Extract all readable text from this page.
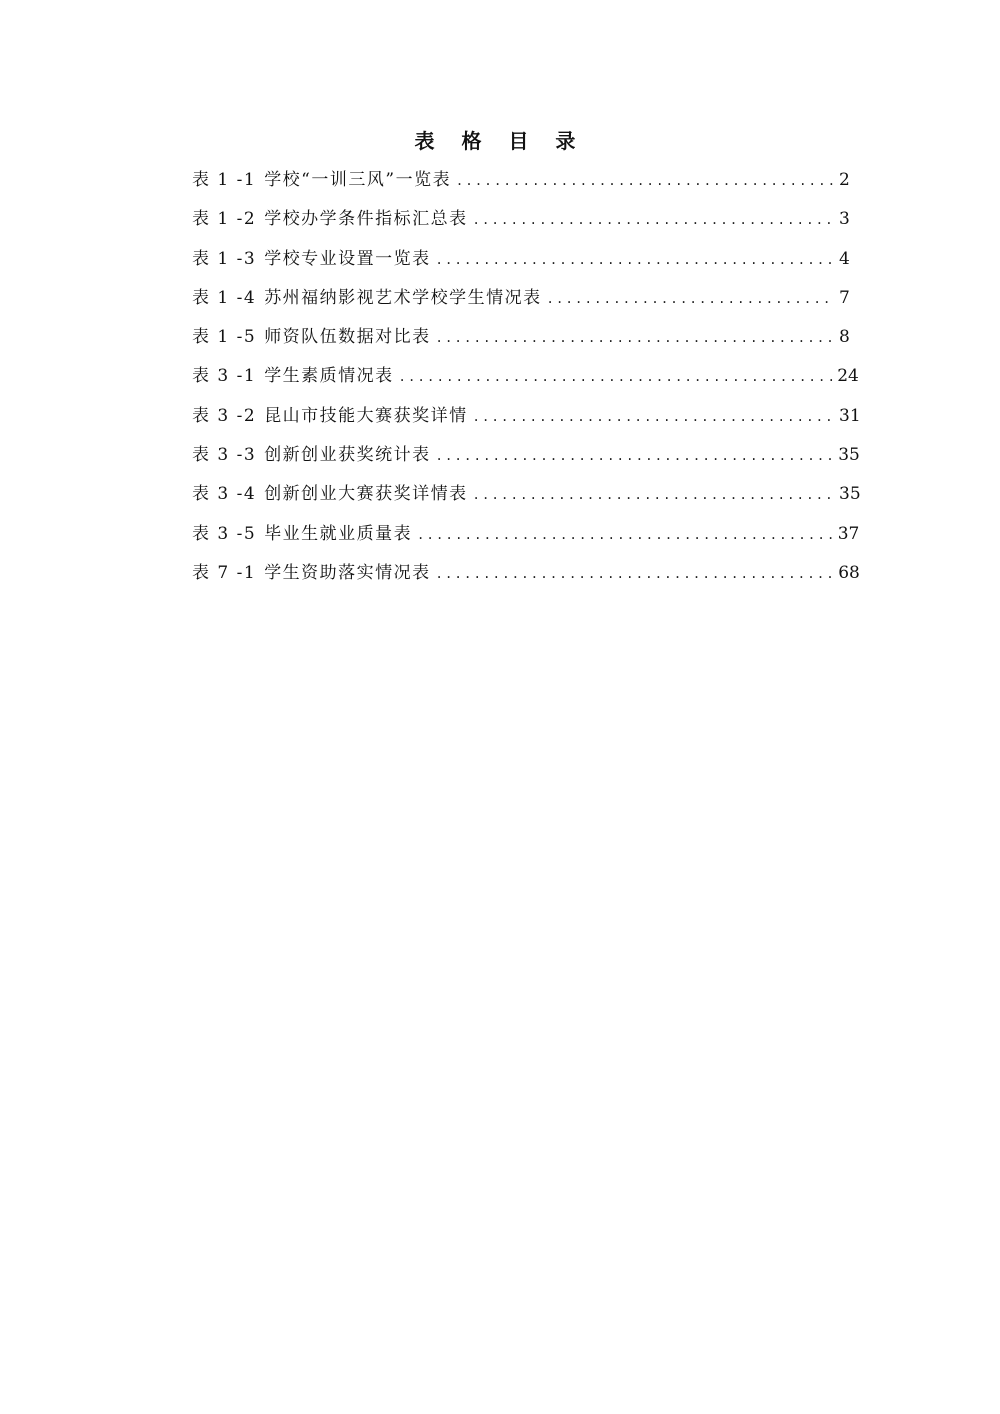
表 格 目 录
表 1 -1 学校“一训三风”一览表 . . .	2
表 1 -2 学校办学条件指标汇总表 . . .	3
表 1 -3 学校专业设置一览表 . . .	4
表 1 -4 苏州福纳影视艺术学校学生情况表 . . .	7
表 1 -5 师资队伍数据对比表 . . .	8
表 3 -1 学生素质情况表 . . .	24
表 3 -2 昆山市技能大赛获奖详情 . . .	31
表 3 -3 创新创业获奖统计表 . . .	35
表 3 -4 创新创业大赛获奖详情表 . . .	35
表 3 -5 毕业生就业质量表 . . .	37
表 7 -1 学生资助落实情况表 . . .	68
